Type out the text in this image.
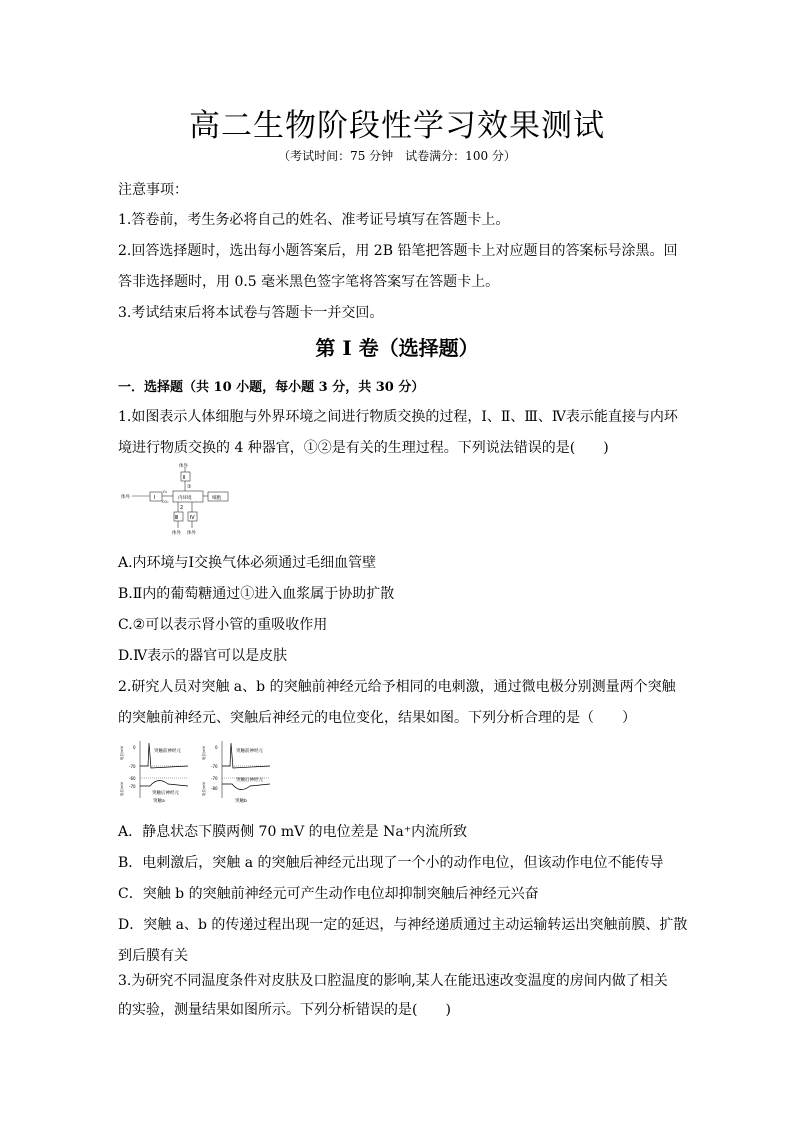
高二生物阶段性学习效果测试
（考试时间：75 分钟　试卷满分：100 分）
注意事项：
1.答卷前，考生务必将自己的姓名、准考证号填写在答题卡上。
2.回答选择题时，选出每小题答案后，用 2B 铅笔把答题卡上对应题目的答案标号涂黑。回
答非选择题时，用 0.5 毫米黑色签字笔将答案写在答题卡上。
3.考试结束后将本试卷与答题卡一并交回。
第 I 卷（选择题）
一．选择题（共 10 小题，每小题 3 分，共 30 分）
1.如图表示人体细胞与外界环境之间进行物质交换的过程，Ⅰ、Ⅱ、Ⅲ、Ⅳ表示能直接与内环
境进行物质交换的 4 种器官，①②是有关的生理过程。下列说法错误的是(　　)
体外
体外
体外 体外
Ⅰ
Ⅱ
Ⅲ Ⅳ
内环境	细胞
①
2
O₂
CO₂
A.内环境与Ⅰ交换气体必须通过毛细血管壁
B.Ⅱ内的葡萄糖通过①进入血浆属于协助扩散
C.②可以表示肾小管的重吸收作用
D.Ⅳ表示的器官可以是皮肤
2.研究人员对突触 a、b 的突触前神经元给予相同的电刺激，通过微电极分别测量两个突触
的突触前神经元、突触后神经元的电位变化，结果如图。下列分析合理的是（　　）
突触前神经元
突触后神经元
突触a
0
-70
-60
-70
电位/mV
电位/mV
突触前神经元
突触后神经元
突触b
0
-70
-70
-80
电位/mV
电位/mV
A．静息状态下膜两侧 70 mV 的电位差是 Na⁺内流所致
B．电刺激后，突触 a 的突触后神经元出现了一个小的动作电位，但该动作电位不能传导
C．突触 b 的突触前神经元可产生动作电位却抑制突触后神经元兴奋
D．突触 a、b 的传递过程出现一定的延迟，与神经递质通过主动运输转运出突触前膜、扩散
到后膜有关
3.为研究不同温度条件对皮肤及口腔温度的影响,某人在能迅速改变温度的房间内做了相关
的实验，测量结果如图所示。下列分析错误的是(　　)
